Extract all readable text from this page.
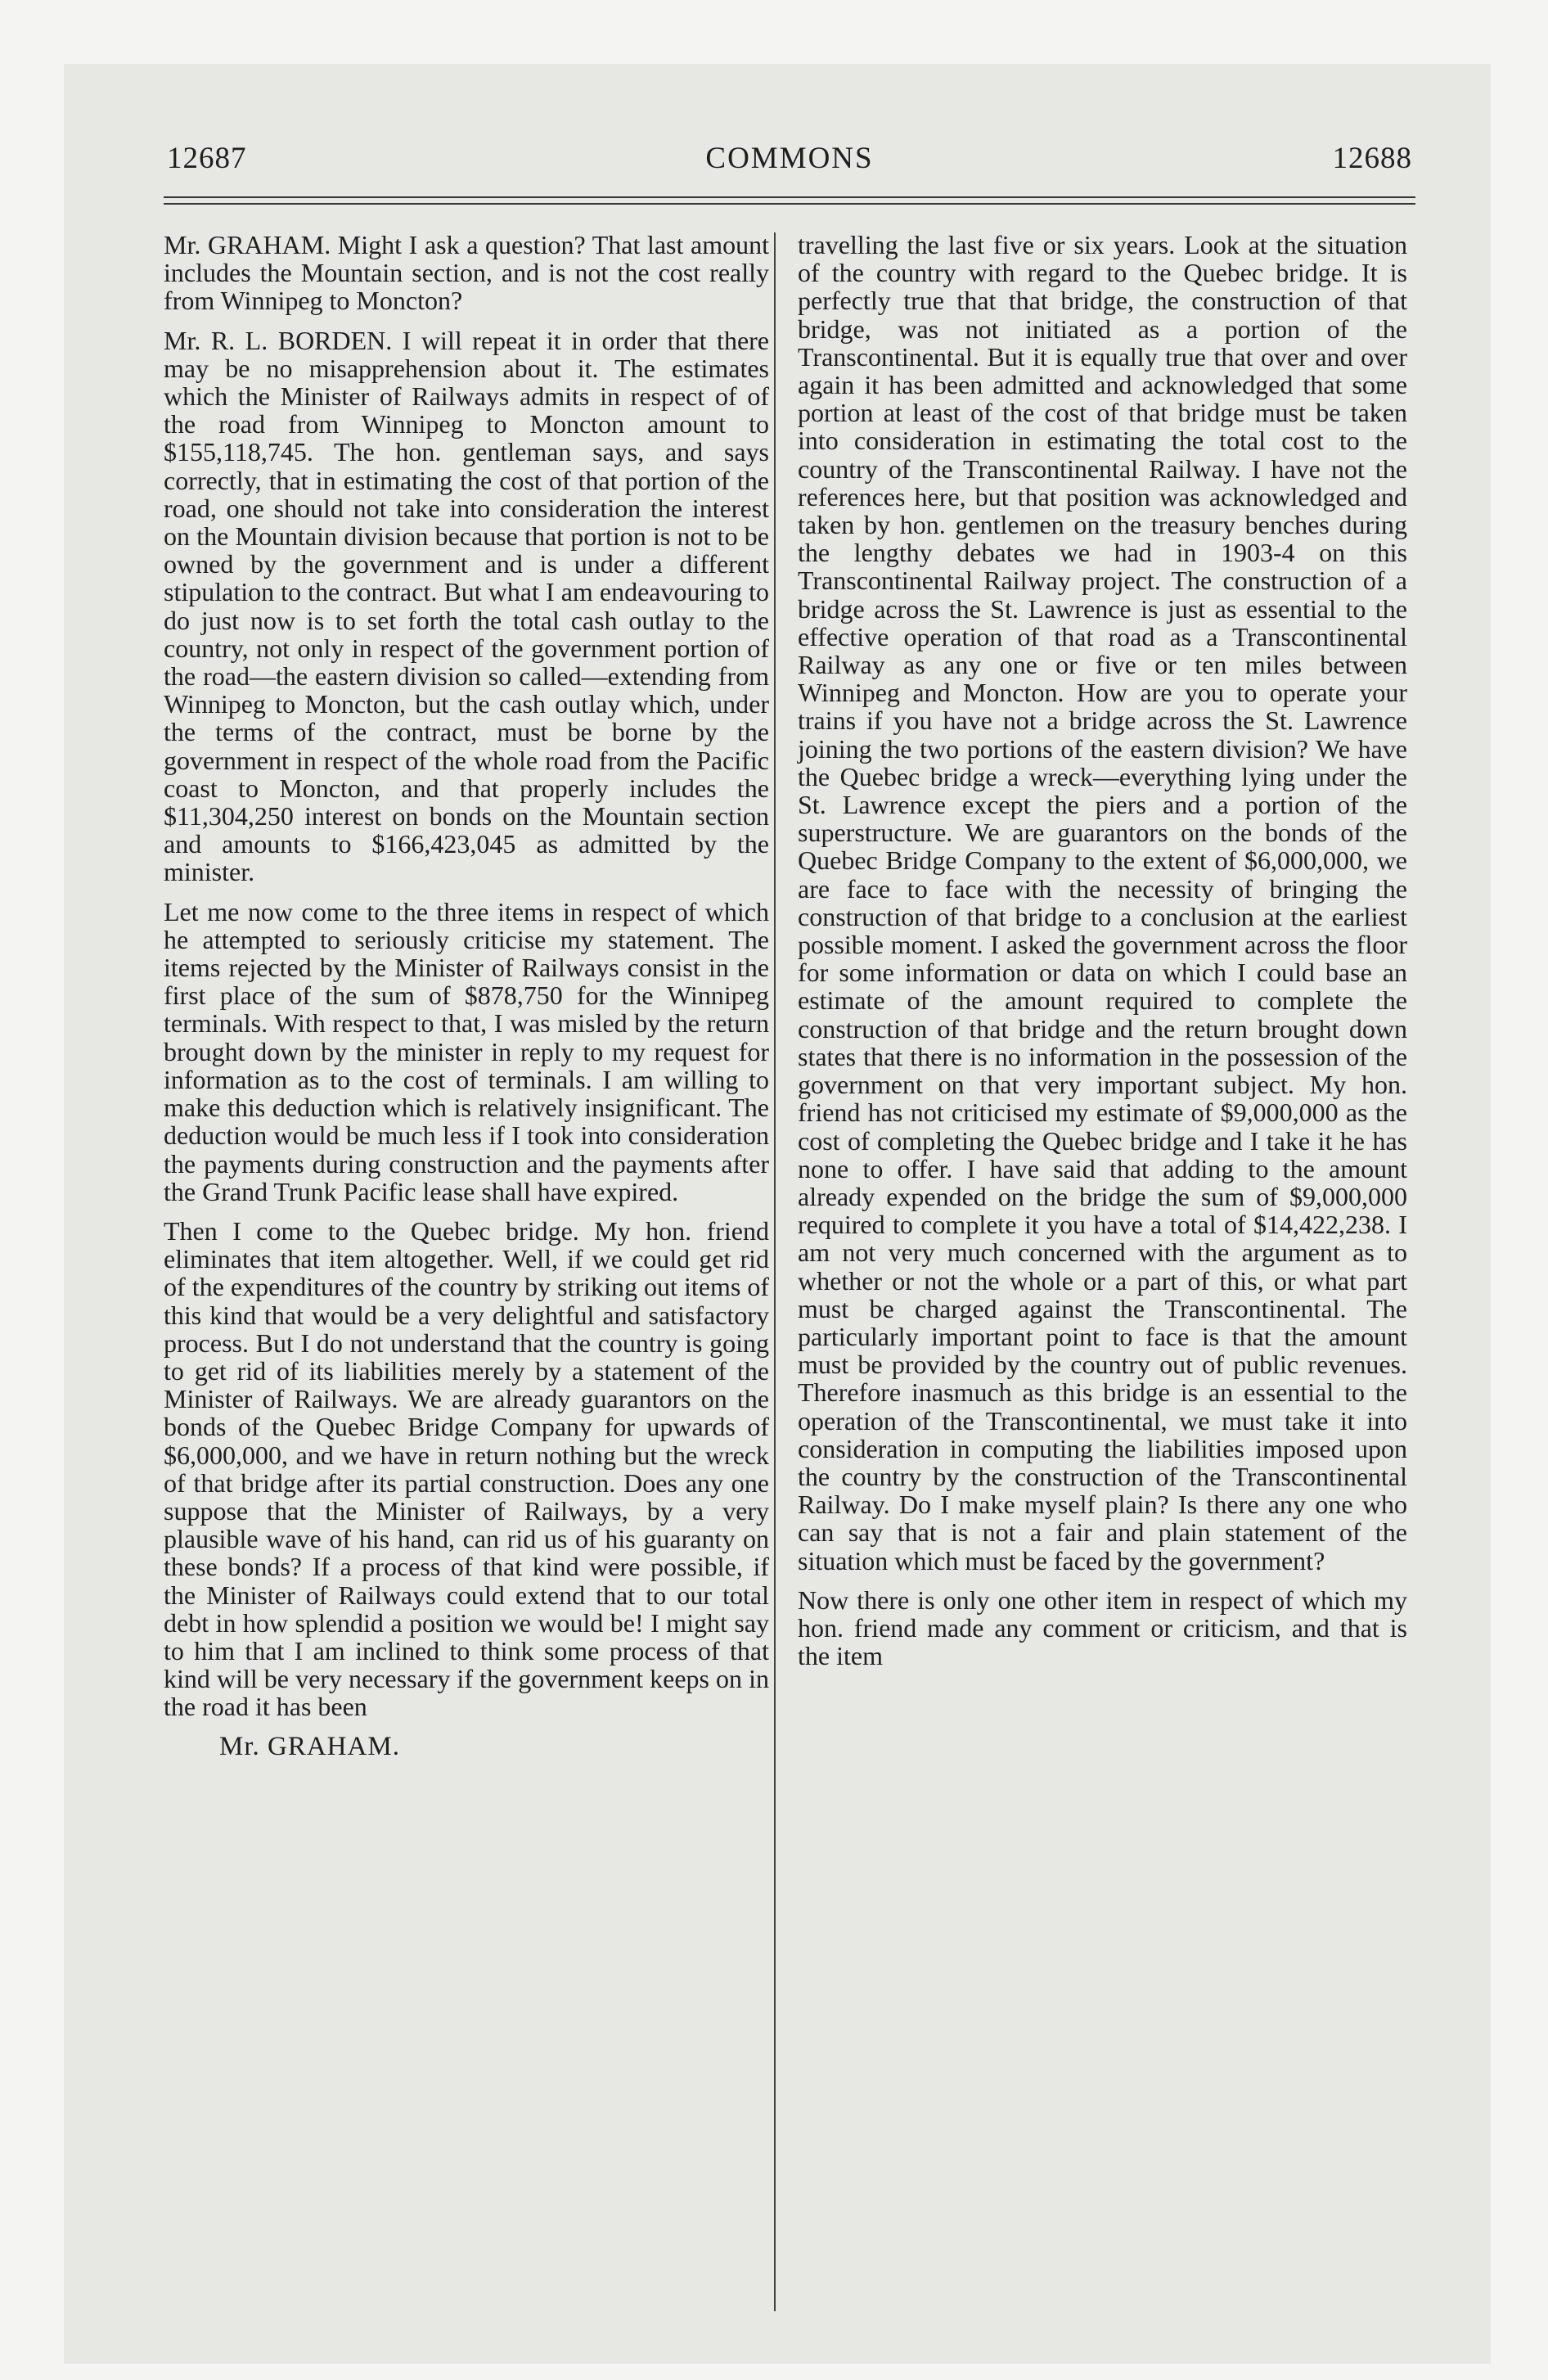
COMMONS
12687	12688

Mr. GRAHAM. Might I ask a question? That last amount includes the Mountain section, and is not the cost really from Winnipeg to Moncton?

Mr. R. L. BORDEN. I will repeat it in order that there may be no misapprehension about it. The estimates which the Minister of Railways admits in respect of of the road from Winnipeg to Moncton amount to $155,118,745. The hon. gentleman says, and says correctly, that in estimating the cost of that portion of the road, one should not take into consideration the interest on the Mountain division because that portion is not to be owned by the government and is under a different stipulation to the contract. But what I am endeavouring to do just now is to set forth the total cash outlay to the country, not only in respect of the government portion of the road—the eastern division so called—extending from Winnipeg to Moncton, but the cash outlay which, under the terms of the contract, must be borne by the government in respect of the whole road from the Pacific coast to Moncton, and that properly includes the $11,304,250 interest on bonds on the Mountain section and amounts to $166,423,045 as admitted by the minister.

Let me now come to the three items in respect of which he attempted to seriously criticise my statement. The items rejected by the Minister of Railways consist in the first place of the sum of $878,750 for the Winnipeg terminals. With respect to that, I was misled by the return brought down by the minister in reply to my request for information as to the cost of terminals. I am willing to make this deduction which is relatively insignificant. The deduction would be much less if I took into consideration the payments during construction and the payments after the Grand Trunk Pacific lease shall have expired.

Then I come to the Quebec bridge. My hon. friend eliminates that item altogether. Well, if we could get rid of the expenditures of the country by striking out items of this kind that would be a very delightful and satisfactory process. But I do not understand that the country is going to get rid of its liabilities merely by a statement of the Minister of Railways. We are already guarantors on the bonds of the Quebec Bridge Company for upwards of $6,000,000, and we have in return nothing but the wreck of that bridge after its partial construction. Does any one suppose that the Minister of Railways, by a very plausible wave of his hand, can rid us of his guaranty on these bonds? If a process of that kind were possible, if the Minister of Railways could extend that to our total debt in how splendid a position we would be! I might say to him that I am inclined to think some process of that kind will be very necessary if the government keeps on in the road it has been

Mr. GRAHAM.

travelling the last five or six years. Look at the situation of the country with regard to the Quebec bridge. It is perfectly true that that bridge, the construction of that bridge, was not initiated as a portion of the Transcontinental. But it is equally true that over and over again it has been admitted and acknowledged that some portion at least of the cost of that bridge must be taken into consideration in estimating the total cost to the country of the Transcontinental Railway. I have not the references here, but that position was acknowledged and taken by hon. gentlemen on the treasury benches during the lengthy debates we had in 1903-4 on this Transcontinental Railway project. The construction of a bridge across the St. Lawrence is just as essential to the effective operation of that road as a Transcontinental Railway as any one or five or ten miles between Winnipeg and Moncton. How are you to operate your trains if you have not a bridge across the St. Lawrence joining the two portions of the eastern division? We have the Quebec bridge a wreck—everything lying under the St. Lawrence except the piers and a portion of the superstructure. We are guarantors on the bonds of the Quebec Bridge Company to the extent of $6,000,000, we are face to face with the necessity of bringing the construction of that bridge to a conclusion at the earliest possible moment. I asked the government across the floor for some information or data on which I could base an estimate of the amount required to complete the construction of that bridge and the return brought down states that there is no information in the possession of the government on that very important subject. My hon. friend has not criticised my estimate of $9,000,000 as the cost of completing the Quebec bridge and I take it he has none to offer. I have said that adding to the amount already expended on the bridge the sum of $9,000,000 required to complete it you have a total of $14,422,238. I am not very much concerned with the argument as to whether or not the whole or a part of this, or what part must be charged against the Transcontinental. The particularly important point to face is that the amount must be provided by the country out of public revenues. Therefore inasmuch as this bridge is an essential to the operation of the Transcontinental, we must take it into consideration in computing the liabilities imposed upon the country by the construction of the Transcontinental Railway. Do I make myself plain? Is there any one who can say that is not a fair and plain statement of the situation which must be faced by the government?

Now there is only one other item in respect of which my hon. friend made any comment or criticism, and that is the item
